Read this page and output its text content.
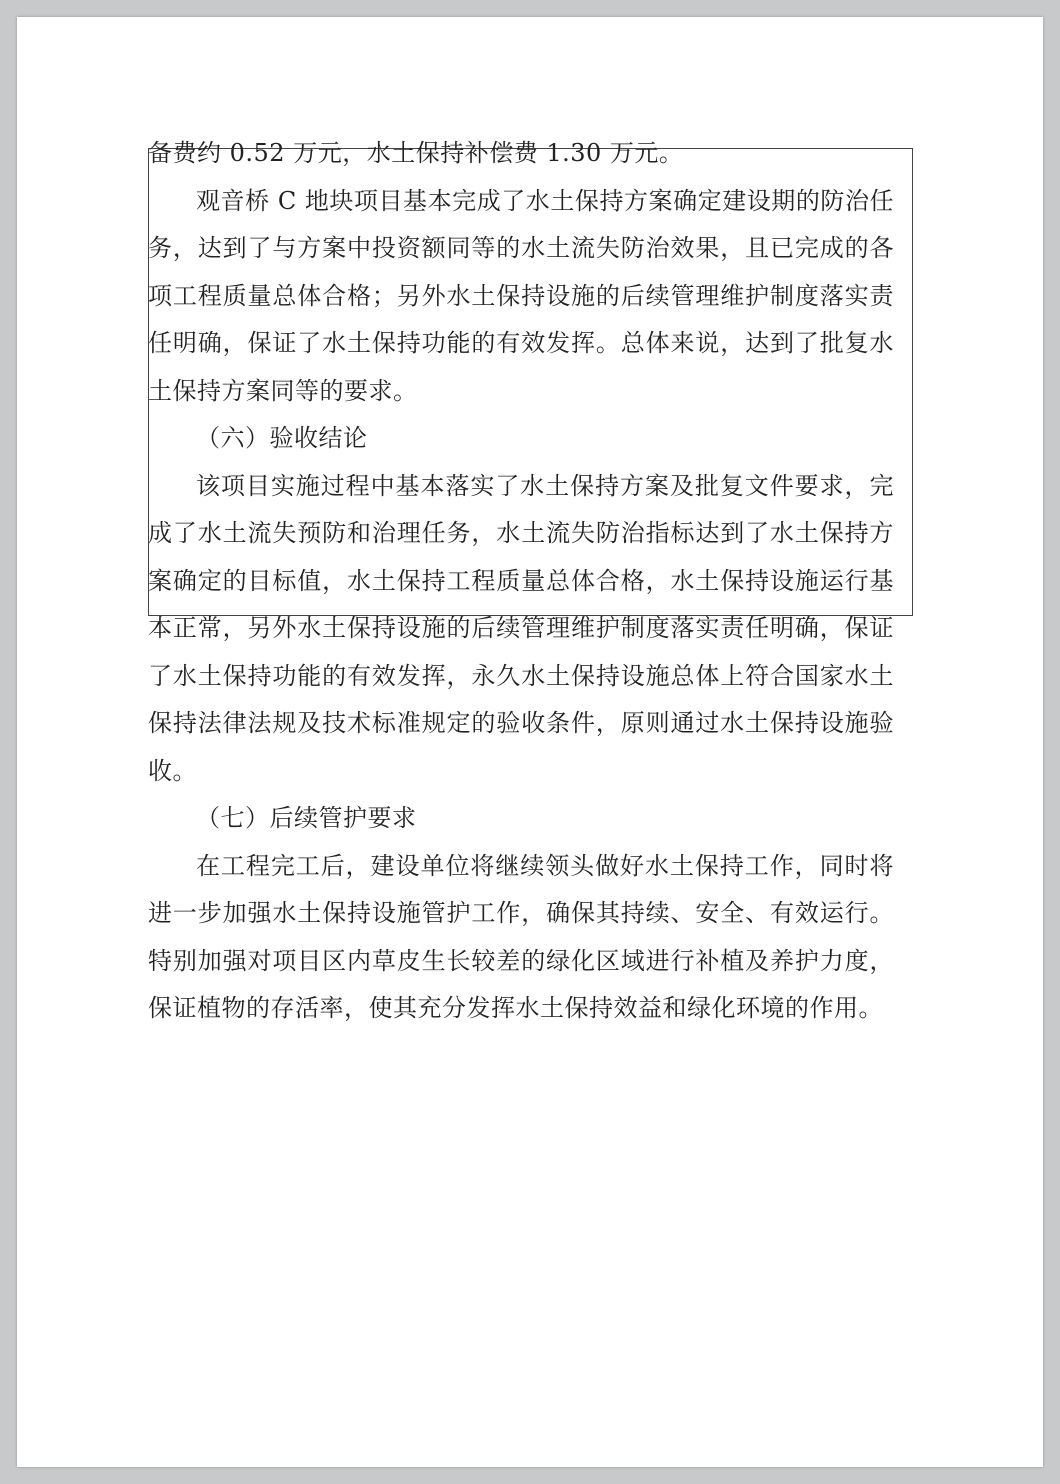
备费约 0.52 万元，水土保持补偿费 1.30 万元。

观音桥 C 地块项目基本完成了水土保持方案确定建设期的防治任务，达到了与方案中投资额同等的水土流失防治效果，且已完成的各项工程质量总体合格；另外水土保持设施的后续管理维护制度落实责任明确，保证了水土保持功能的有效发挥。总体来说，达到了批复水土保持方案同等的要求。

（六）验收结论

该项目实施过程中基本落实了水土保持方案及批复文件要求，完成了水土流失预防和治理任务，水土流失防治指标达到了水土保持方案确定的目标值，水土保持工程质量总体合格，水土保持设施运行基本正常，另外水土保持设施的后续管理维护制度落实责任明确，保证了水土保持功能的有效发挥，永久水土保持设施总体上符合国家水土保持法律法规及技术标准规定的验收条件，原则通过水土保持设施验收。

（七）后续管护要求

在工程完工后，建设单位将继续领头做好水土保持工作，同时将进一步加强水土保持设施管护工作，确保其持续、安全、有效运行。特别加强对项目区内草皮生长较差的绿化区域进行补植及养护力度，保证植物的存活率，使其充分发挥水土保持效益和绿化环境的作用。
